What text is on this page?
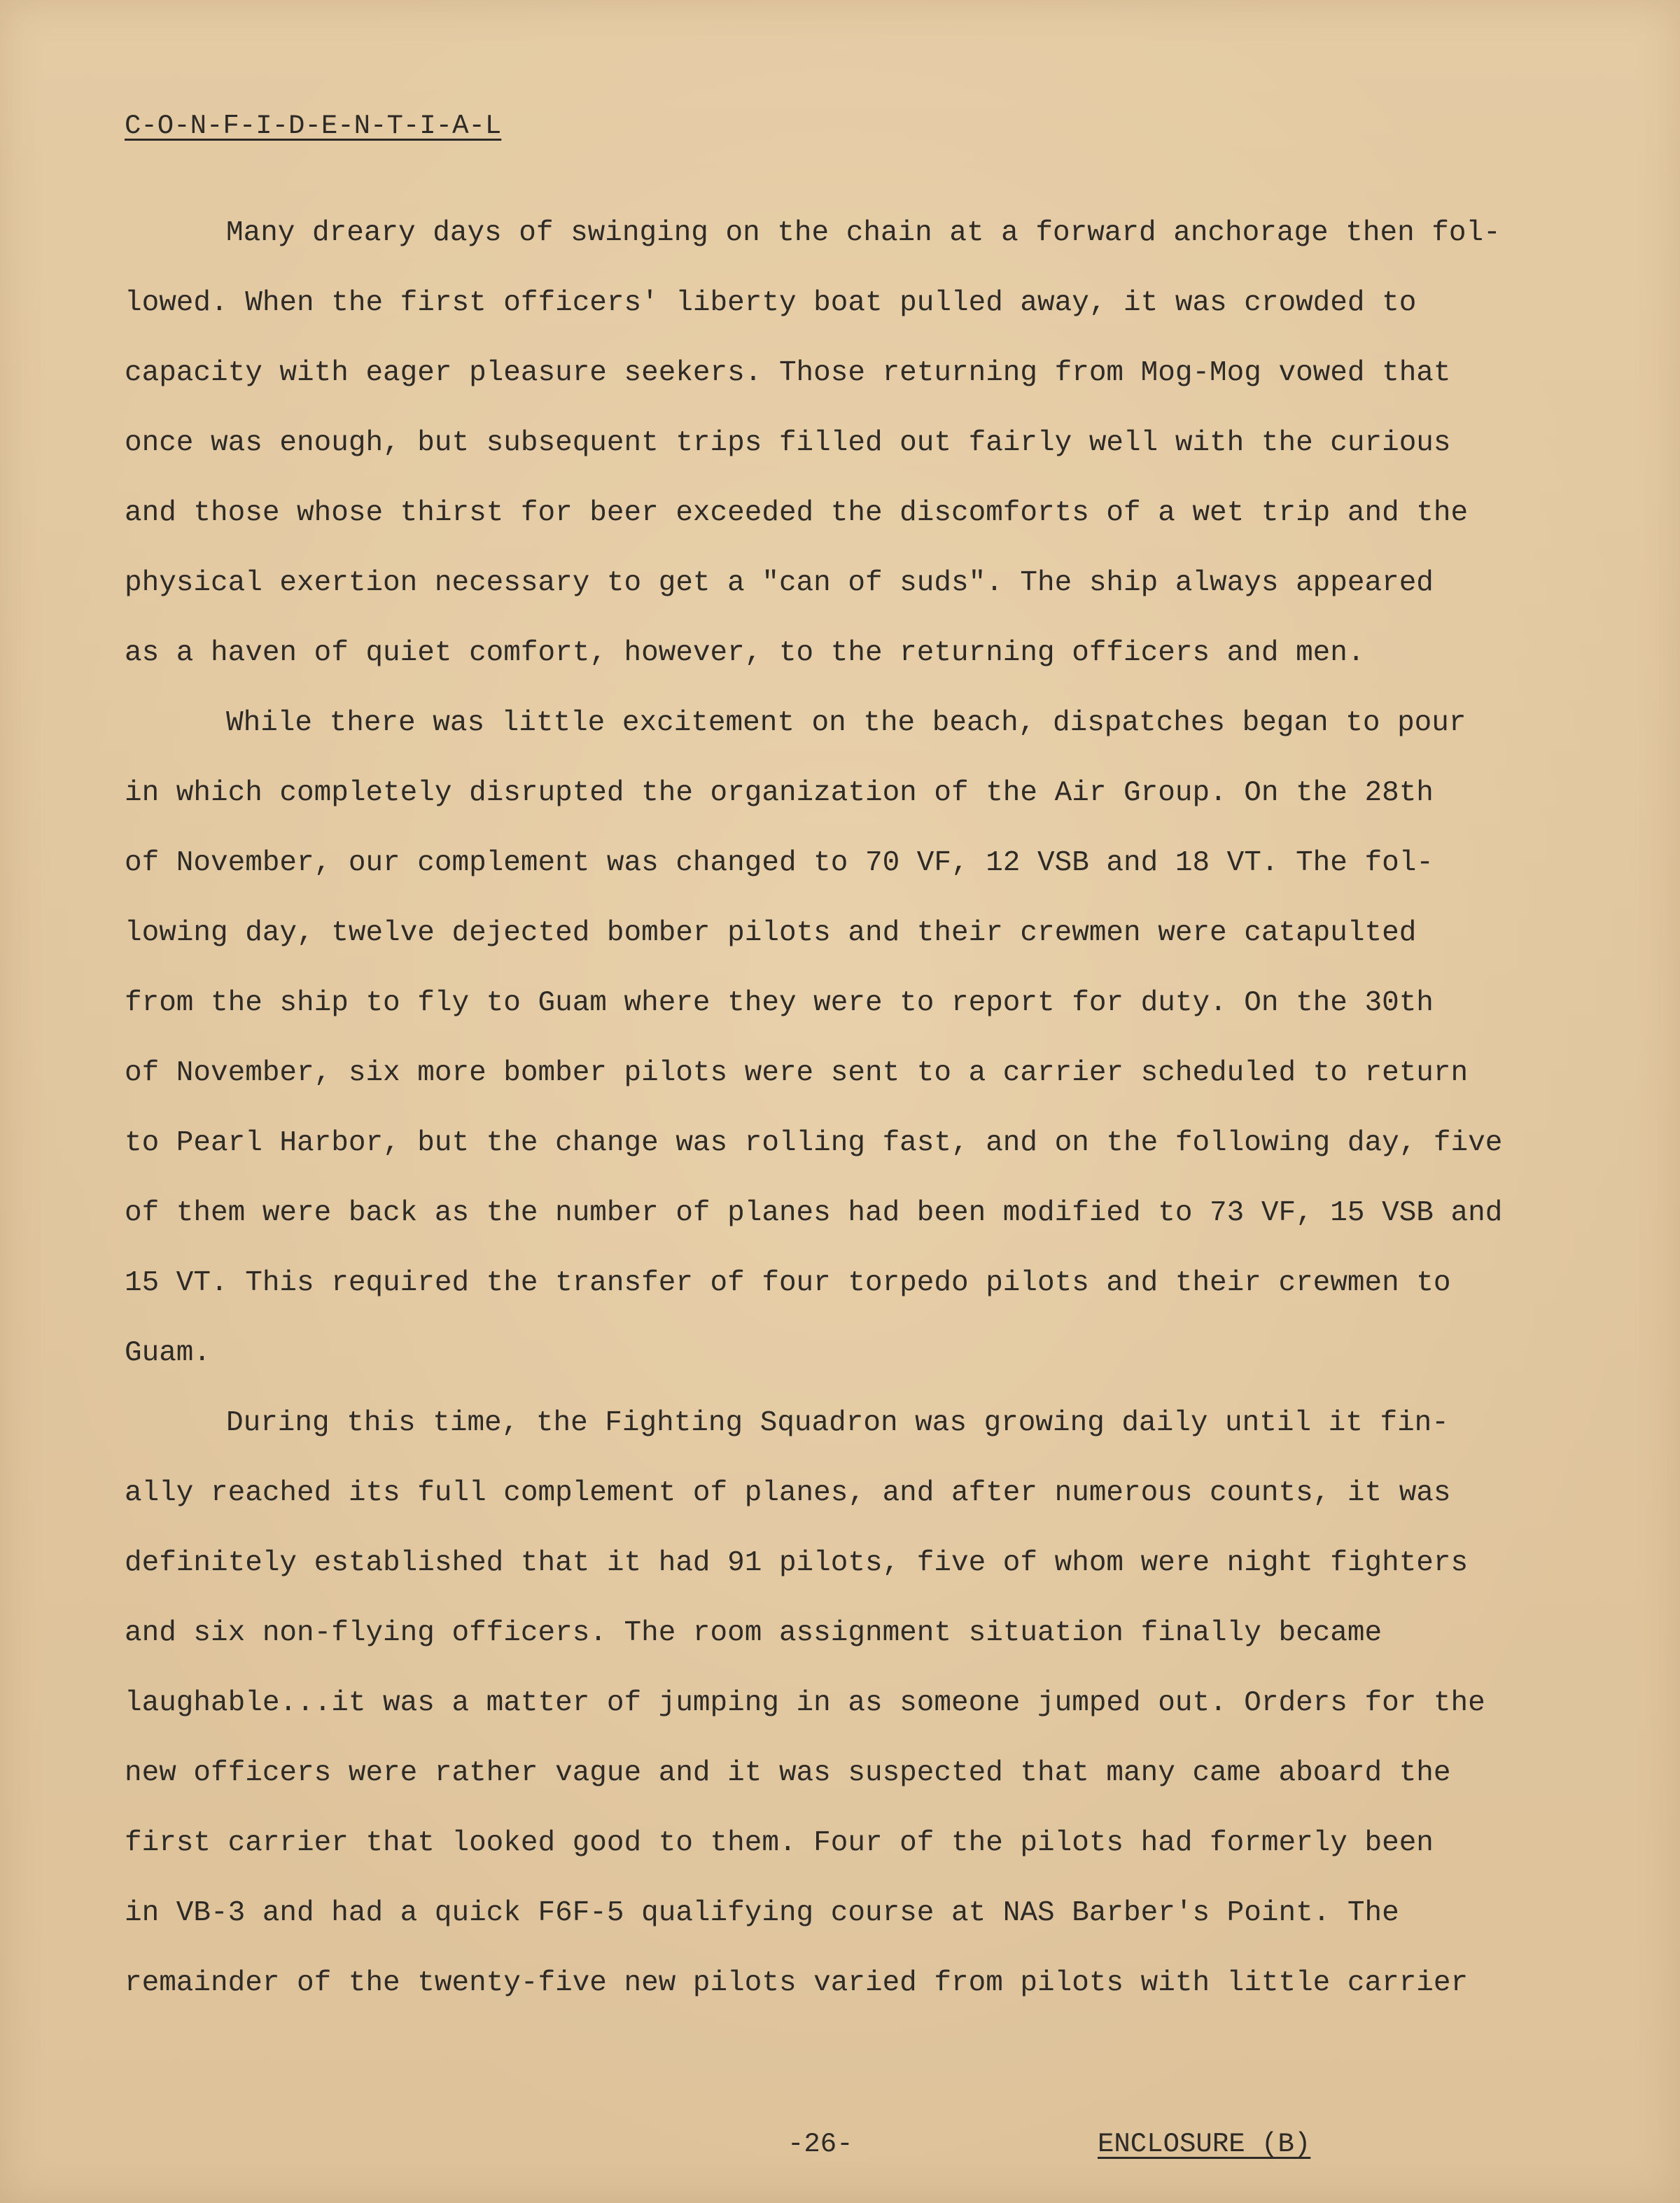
C-O-N-F-I-D-E-N-T-I-A-L
Many dreary days of swinging on the chain at a forward anchorage then fol-
lowed. When the first officers' liberty boat pulled away, it was crowded to
capacity with eager pleasure seekers. Those returning from Mog-Mog vowed that
once was enough, but subsequent trips filled out fairly well with the curious
and those whose thirst for beer exceeded the discomforts of a wet trip and the
physical exertion necessary to get a "can of suds". The ship always appeared
as a haven of quiet comfort, however, to the returning officers and men.
While there was little excitement on the beach, dispatches began to pour
in which completely disrupted the organization of the Air Group. On the 28th
of November, our complement was changed to 70 VF, 12 VSB and 18 VT. The fol-
lowing day, twelve dejected bomber pilots and their crewmen were catapulted
from the ship to fly to Guam where they were to report for duty. On the 30th
of November, six more bomber pilots were sent to a carrier scheduled to return
to Pearl Harbor, but the change was rolling fast, and on the following day, five
of them were back as the number of planes had been modified to 73 VF, 15 VSB and
15 VT. This required the transfer of four torpedo pilots and their crewmen to
Guam.
During this time, the Fighting Squadron was growing daily until it fin-
ally reached its full complement of planes, and after numerous counts, it was
definitely established that it had 91 pilots, five of whom were night fighters
and six non-flying officers. The room assignment situation finally became
laughable...it was a matter of jumping in as someone jumped out. Orders for the
new officers were rather vague and it was suspected that many came aboard the
first carrier that looked good to them. Four of the pilots had formerly been
in VB-3 and had a quick F6F-5 qualifying course at NAS Barber's Point. The
remainder of the twenty-five new pilots varied from pilots with little carrier
-26-	ENCLOSURE (B)
